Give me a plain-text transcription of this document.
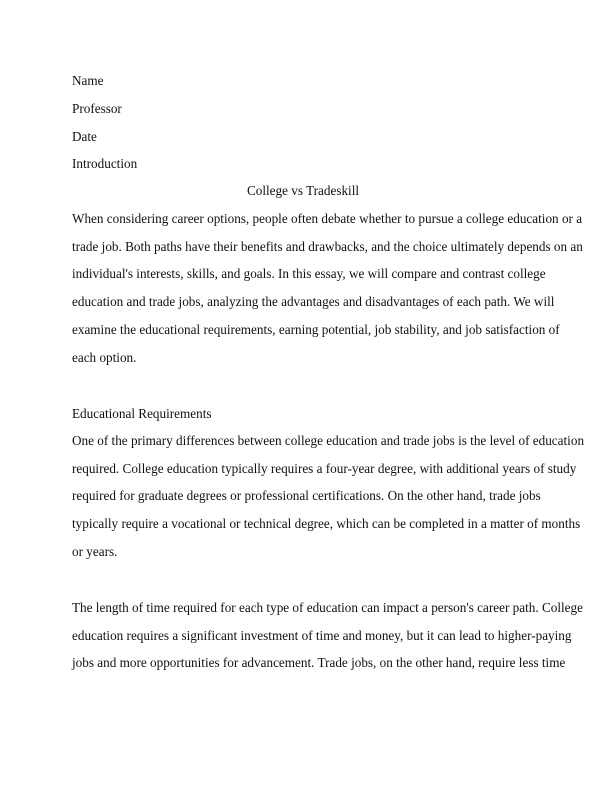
Name
Professor
Date
Introduction
College vs Tradeskill
When considering career options, people often debate whether to pursue a college education or a
trade job. Both paths have their benefits and drawbacks, and the choice ultimately depends on an
individual's interests, skills, and goals. In this essay, we will compare and contrast college
education and trade jobs, analyzing the advantages and disadvantages of each path. We will
examine the educational requirements, earning potential, job stability, and job satisfaction of
each option.
Educational Requirements
One of the primary differences between college education and trade jobs is the level of education
required. College education typically requires a four-year degree, with additional years of study
required for graduate degrees or professional certifications. On the other hand, trade jobs
typically require a vocational or technical degree, which can be completed in a matter of months
or years.
The length of time required for each type of education can impact a person's career path. College
education requires a significant investment of time and money, but it can lead to higher-paying
jobs and more opportunities for advancement. Trade jobs, on the other hand, require less time
